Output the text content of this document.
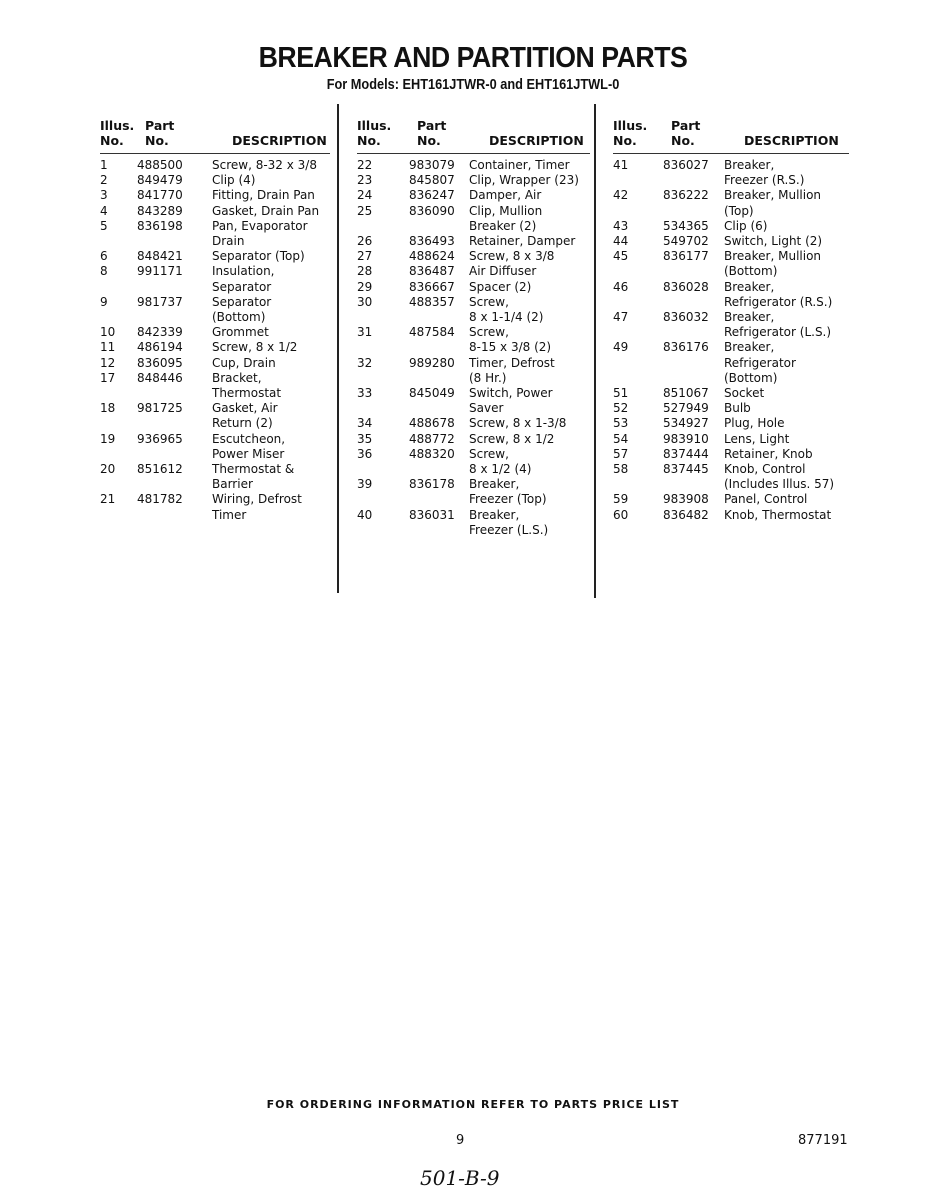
BREAKER AND PARTITION PARTS
For Models: EHT161JTWR-0 and EHT161JTWL-0
Illus.
No.
Part
No.	DESCRIPTION
1 488500 Screw, 8-32 x 3/8
2 849479 Clip (4)
3 841770 Fitting, Drain Pan
4 843289 Gasket, Drain Pan
5 836198 Pan, Evaporator
Drain
6 848421 Separator (Top)
8 991171 Insulation,
Separator
9 981737 Separator
(Bottom)
10 842339 Grommet
11 486194 Screw, 8 x 1/2
12 836095 Cup, Drain
17 848446 Bracket,
Thermostat
18 981725 Gasket, Air
Return (2)
19 936965 Escutcheon,
Power Miser
20 851612 Thermostat &
Barrier
21 481782 Wiring, Defrost
Timer
Illus.
No.
Part
No.	DESCRIPTION
22	983079 Container, Timer
23	845807 Clip, Wrapper (23)
24	836247 Damper, Air
25	836090 Clip, Mullion
Breaker (2)
26	836493 Retainer, Damper
27	488624 Screw, 8 x 3/8
28	836487 Air Diffuser
29	836667 Spacer (2)
30	488357 Screw,
8 x 1-1/4 (2)
31	487584 Screw,
8-15 x 3/8 (2)
32	989280 Timer, Defrost
(8 Hr.)
33	845049 Switch, Power
Saver
34	488678 Screw, 8 x 1-3/8
35	488772 Screw, 8 x 1/2
36	488320 Screw,
8 x 1/2 (4)
39	836178 Breaker,
Freezer (Top)
40	836031 Breaker,
Freezer (L.S.)
Illus.
No.
Part
No.	DESCRIPTION
41	836027 Breaker,
Freezer (R.S.)
42	836222 Breaker, Mullion
(Top)
43	534365 Clip (6)
44	549702 Switch, Light (2)
45	836177 Breaker, Mullion
(Bottom)
46	836028 Breaker,
Refrigerator (R.S.)
47	836032 Breaker,
Refrigerator (L.S.)
49	836176 Breaker,
Refrigerator
(Bottom)
51	851067 Socket
52	527949 Bulb
53	534927 Plug, Hole
54	983910 Lens, Light
57	837444 Retainer, Knob
58	837445 Knob, Control
(Includes Illus. 57)
59	983908 Panel, Control
60	836482 Knob, Thermostat
FOR ORDERING INFORMATION REFER TO PARTS PRICE LIST
9	877191
501-B-9
